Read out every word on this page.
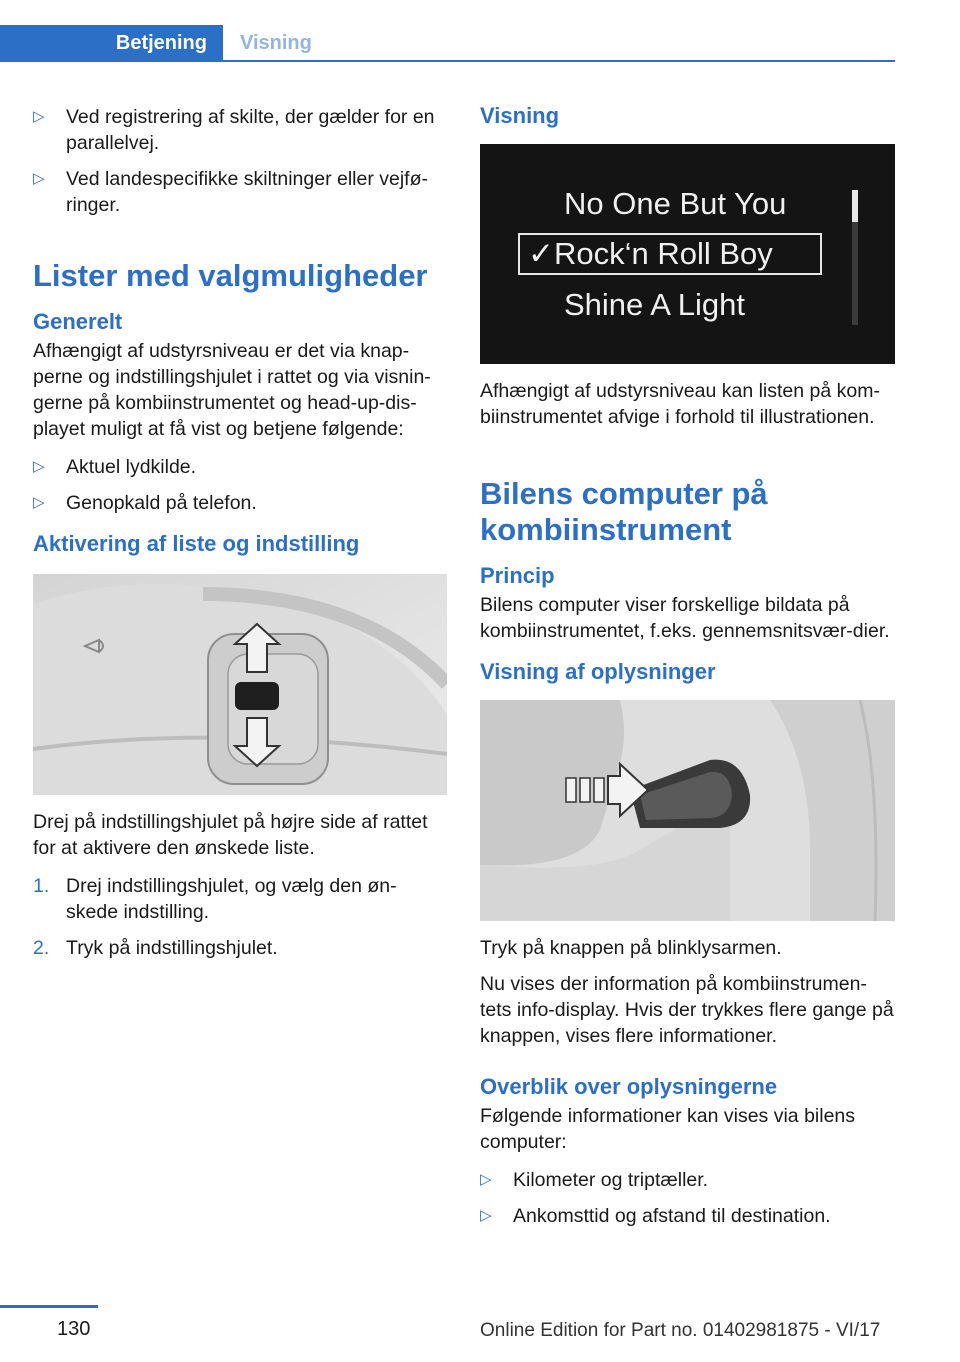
Betjening	Visning
▷	Ved registrering af skilte, der gælder for en parallelvej.
▷	Ved landespecifikke skiltninger eller vejfø-ringer.
Lister med valgmuligheder
Generelt

Afhængigt af udstyrsniveau er det via knap-perne og indstillingshjulet i rattet og via visnin-gerne på kombiinstrumentet og head-up-dis-playet muligt at få vist og betjene følgende:

▷	Aktuel lydkilde.
▷	Genopkald på telefon.
Aktivering af liste og indstilling

Drej på indstillingshjulet på højre side af rattet for at aktivere den ønskede liste.

1. Drej indstillingshjulet, og vælg den øn-skede indstilling.
2. Tryk på indstillingshjulet.
Visning
No One But You
✓Rock‘n Roll Boy
Shine A Light

Afhængigt af udstyrsniveau kan listen på kom-biinstrumentet afvige i forhold til illustrationen.

Bilens computer på kombiinstrument
Princip

Bilens computer viser forskellige bildata på kombiinstrumentet, f.eks. gennemsnitsvær-dier.

Visning af oplysninger

Tryk på knappen på blinklysarmen.

Nu vises der information på kombiinstrumen-tets info-display. Hvis der trykkes flere gange på knappen, vises flere informationer.

Overblik over oplysningerne

Følgende informationer kan vises via bilens computer:

▷	Kilometer og triptæller.
▷	Ankomsttid og afstand til destination.
130	Online Edition for Part no. 01402981875 - VI/17
